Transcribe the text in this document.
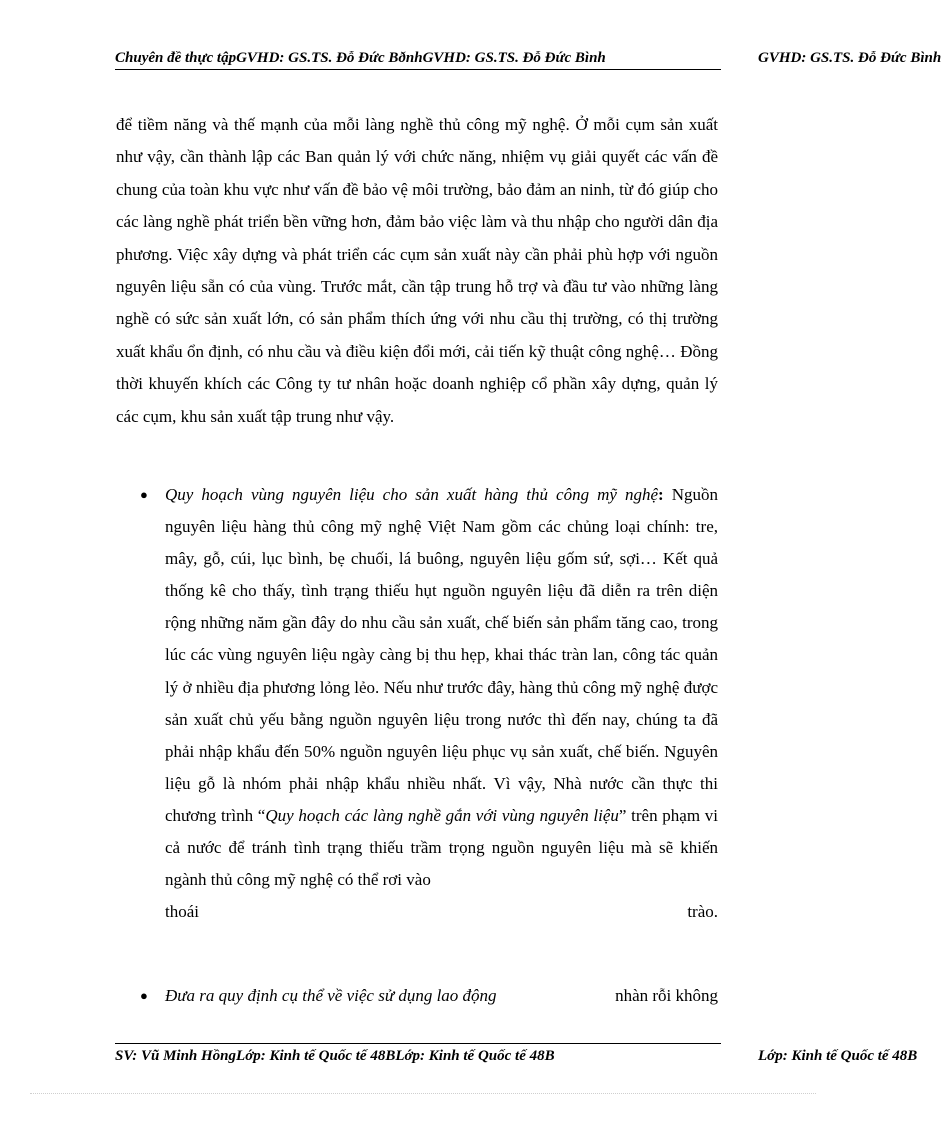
Chuyên đề thực tậpGVHD: GS.TS. Đỗ Đức BðnhGVHD: GS.TS. Đỗ Đức Bình	GVHD: GS.TS. Đỗ Đức Bình

để tiềm năng và thế mạnh của mỗi làng nghề thủ công mỹ nghệ. Ở mỗi cụm sản xuất như vậy, cần thành lập các Ban quản lý với chức năng, nhiệm vụ giải quyết các vấn đề chung của toàn khu vực như vấn đề bảo vệ môi trường, bảo đảm an ninh, từ đó giúp cho các làng nghề phát triển bền vững hơn, đảm bảo việc làm và thu nhập cho người dân địa phương. Việc xây dựng và phát triển các cụm sản xuất này cần phải phù hợp với nguồn nguyên liệu sẵn có của vùng. Trước mắt, cần tập trung hỗ trợ và đầu tư vào những làng nghề có sức sản xuất lớn, có sản phẩm thích ứng với nhu cầu thị trường, có thị trường xuất khẩu ổn định, có nhu cầu và điều kiện đổi mới, cải tiến kỹ thuật công nghệ… Đồng thời khuyến khích các Công ty tư nhân hoặc doanh nghiệp cổ phần xây dựng, quản lý các cụm, khu sản xuất tập trung như vậy.

● Quy hoạch vùng nguyên liệu cho sản xuất hàng thủ công mỹ nghệ: Nguồn nguyên liệu hàng thủ công mỹ nghệ Việt Nam gồm các chủng loại chính: tre, mây, gỗ, cúi, lục bình, bẹ chuối, lá buông, nguyên liệu gốm sứ, sợi… Kết quả thống kê cho thấy, tình trạng thiếu hụt nguồn nguyên liệu đã diễn ra trên diện rộng những năm gần đây do nhu cầu sản xuất, chế biến sản phẩm tăng cao, trong lúc các vùng nguyên liệu ngày càng bị thu hẹp, khai thác tràn lan, công tác quản lý ở nhiều địa phương lỏng lẻo. Nếu như trước đây, hàng thủ công mỹ nghệ được sản xuất chủ yếu bằng nguồn nguyên liệu trong nước thì đến nay, chúng ta đã phải nhập khẩu đến 50% nguồn nguyên liệu phục vụ sản xuất, chế biến. Nguyên liệu gỗ là nhóm phải nhập khẩu nhiều nhất. Vì vậy, Nhà nước cần thực thi chương trình “Quy hoạch các làng nghề gắn với vùng nguyên liệu” trên phạm vi cả nước để tránh tình trạng thiếu trầm trọng nguồn nguyên liệu mà sẽ khiến ngành thủ công mỹ nghệ có thể rơi vào
thoái	trào.

● Đưa ra quy định cụ thể về việc sử dụng lao động	nhàn rỗi không

SV: Vũ Minh HồngLớp: Kinh tế Quốc tế 48BLớp: Kinh tế Quốc tế 48B	Lớp: Kinh tế Quốc tế 48B
